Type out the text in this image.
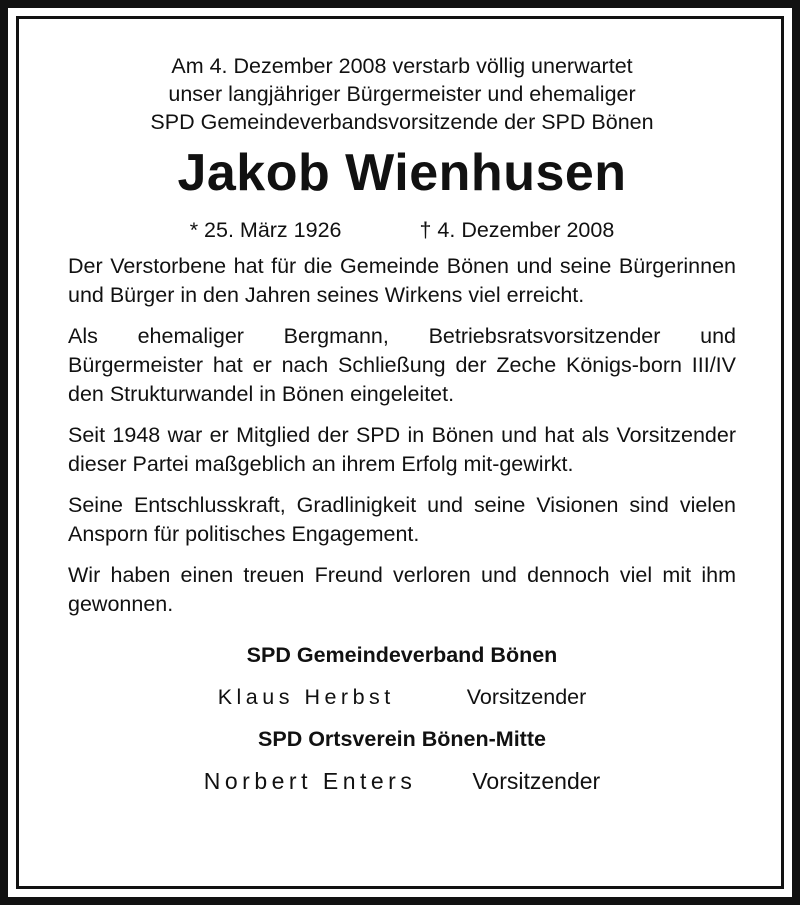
Am 4. Dezember 2008 verstarb völlig unerwartet

unser langjähriger Bürgermeister und ehemaliger

SPD Gemeindeverbandsvorsitzende der SPD Bönen

Jakob Wienhusen
* 25. März 1926	† 4. Dezember 2008

Der Verstorbene hat für die Gemeinde Bönen und seine Bürgerinnen und Bürger in den Jahren seines Wirkens viel erreicht.

Als ehemaliger Bergmann, Betriebsratsvorsitzender und Bürgermeister hat er nach Schließung der Zeche Königs-born III/IV den Strukturwandel in Bönen eingeleitet.

Seit 1948 war er Mitglied der SPD in Bönen und hat als Vorsitzender dieser Partei maßgeblich an ihrem Erfolg mit-gewirkt.

Seine Entschlusskraft, Gradlinigkeit und seine Visionen sind vielen Ansporn für politisches Engagement.

Wir haben einen treuen Freund verloren und dennoch viel mit ihm gewonnen.

SPD Gemeindeverband Bönen

Klaus Herbst	Vorsitzender

SPD Ortsverein Bönen-Mitte

Norbert Enters Vorsitzender
